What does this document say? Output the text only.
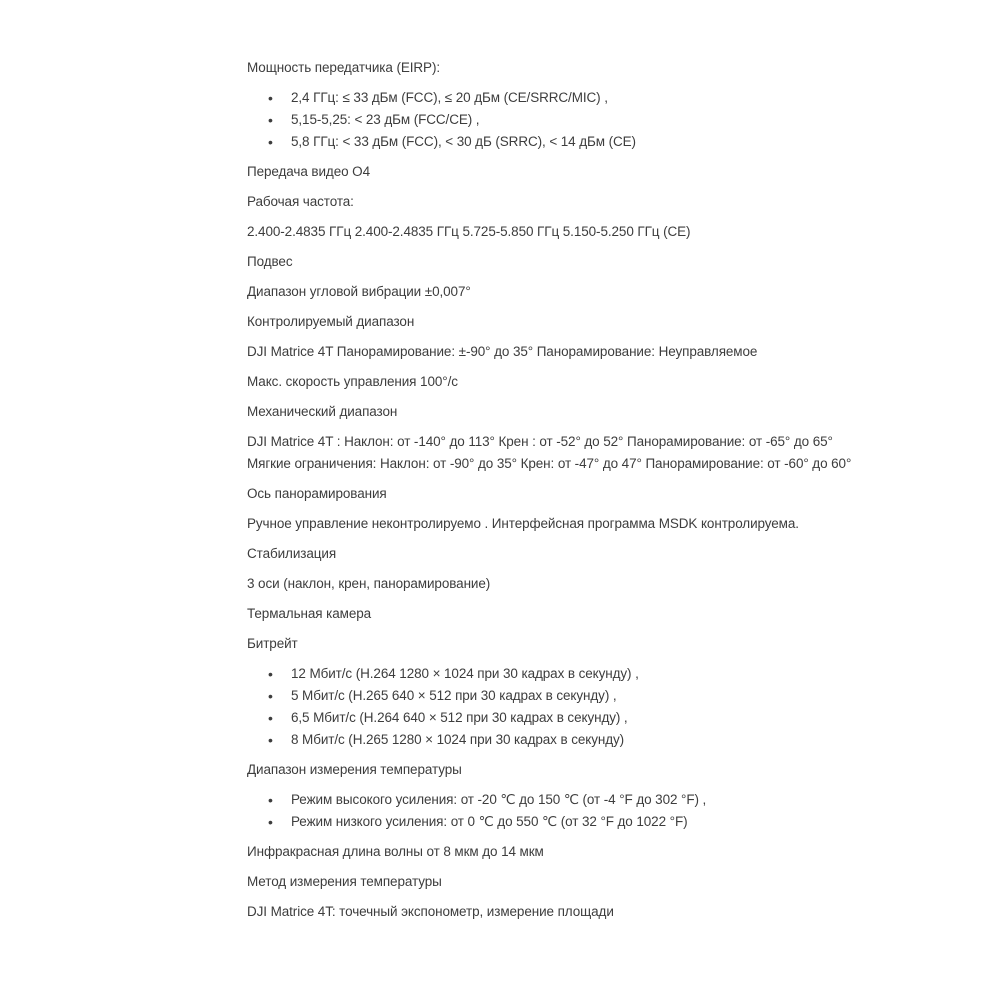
Мощность передатчика (EIRP):

• 2,4 ГГц: ≤ 33 дБм (FCC), ≤ 20 дБм (CE/SRRC/MIC) ,
• 5,15-5,25: < 23 дБм (FCC/CE) ,
• 5,8 ГГц: < 33 дБм (FCC), < 30 дБ (SRRC), < 14 дБм (CE)

Передача видео O4

Рабочая частота:

2.400-2.4835 ГГц 2.400-2.4835 ГГц 5.725-5.850 ГГц 5.150-5.250 ГГц (CE)

Подвес

Диапазон угловой вибрации ±0,007°

Контролируемый диапазон

DJI Matrice 4T Панорамирование: ±-90° до 35° Панорамирование: Неуправляемое

Макс. скорость управления 100°/с

Механический диапазон

DJI Matrice 4T : Наклон: от -140° до 113° Крен : от -52° до 52° Панорамирование: от -65° до 65°
Мягкие ограничения: Наклон: от -90° до 35° Крен: от -47° до 47° Панорамирование: от -60° до 60°

Ось панорамирования

Ручное управление неконтролируемо . Интерфейсная программа MSDK контролируема.

Стабилизация

3 оси (наклон, крен, панорамирование)

Термальная камера

Битрейт

• 12 Мбит/с (H.264 1280 × 1024 при 30 кадрах в секунду) ,
• 5 Мбит/с (H.265 640 × 512 при 30 кадрах в секунду) ,
• 6,5 Мбит/с (H.264 640 × 512 при 30 кадрах в секунду) ,
• 8 Мбит/с (H.265 1280 × 1024 при 30 кадрах в секунду)

Диапазон измерения температуры

• Режим высокого усиления: от -20 ℃ до 150 ℃ (от -4 °F до 302 °F) ,
• Режим низкого усиления: от 0 ℃ до 550 ℃ (от 32 °F до 1022 °F)

Инфракрасная длина волны от 8 мкм до 14 мкм

Метод измерения температуры

DJI Matrice 4T: точечный экспонометр, измерение площади
